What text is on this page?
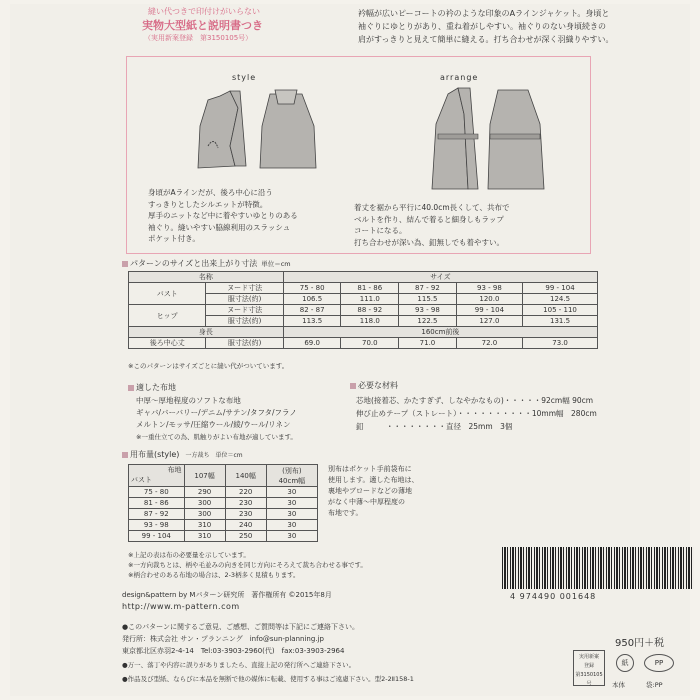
縫い代つきで印付けがいらない
実物大型紙と説明書つき
（実用新案登録　第3150105号）
衿幅が広いピーコートの衿のような印象のAラインジャケット。身頃と
袖ぐりにゆとりがあり、重ね着がしやすい。袖ぐりのない身頃続きの
肩がすっきりと見えて簡単に縫える。打ち合わせが深く羽織りやすい。
style	arrange
身頃がAラインだが、後ろ中心に沿う
すっきりとしたシルエットが特徴。
厚手のニットなど中に着やすいゆとりのある
袖ぐり。縫いやすい脇線利用のスラッシュ
ポケット付き。
着丈を裾から平行に40.0cm長くして、共布で
ベルトを作り、結んで着ると細身しもラップ
コートになる。
打ち合わせが深い為、釦無しでも着やすい。
パターンのサイズと出来上がり寸法 単位＝cm
名称		サイズ				
バスト	ヌード寸法	75 - 80	81 - 86	87 - 92	93 - 98	99 - 104
	服寸法(約)	106.5	111.0	115.5	120.0	124.5
ヒップ	ヌード寸法	82 - 87	88 - 92	93 - 98	99 - 104	105 - 110
	服寸法(約)	113.5	118.0	122.5	127.0	131.5
身長		160cm前後				
後ろ中心丈	服寸法(約)	69.0	70.0	71.0	72.0	73.0
※このパターンはサイズごとに縫い代がついています。
適した布地
中厚～厚地程度のソフトな布地
ギャバ/バーバリー/デニム/サテン/タフタ/フラノ
メルトン/モッサ/圧縮ウール/綾/ウール/リネン
※一重仕立ての為、肌触りがよい布地が適しています。
必要な材料
芯地(接着芯、かたすぎず、しなやかなもの)・・・・・92cm幅 90cm
伸び止めテープ（ストレート）・・・・・・・・・・10mm幅　280cm
釦　　　・・・・・・・・直径　25mm　3個
用布量(style) 一方裁ち　単位＝cm
布地

バスト	107幅	140幅	(別布)
40cm幅
75 - 80	290	220	30
81 - 86	300	230	30
87 - 92	300	230	30
93 - 98	310	240	30
99 - 104	310	250	30
別布はポケット手前袋布に
使用します。適した布地は、
裏地やブロードなどの薄地
がなく中薄～中厚程度の
布地です。
※上記の表は布の必要量を示しています。
※一方向裁ちとは、柄や毛並みの向きを同じ方向にそろえて裁ち合わせる事です。
※柄合わせのある布地の場合は、2-3柄多く見積もります。
design&pattern by Mパターン研究所　著作権所有 ©2015年8月
http://www.m-pattern.com
4 974490 001648
●このパターンに関するご意見、ご感想、ご質問等は下記にご連絡下さい。
発行所：株式会社 サン・プランニング　info@sun-planning.jp
東京都北区赤羽2-4-14　Tel:03-3903-2960(代)　fax:03-3903-2964
●万一、落丁や内容に誤りがありましたら、直接上記の発行所へご連絡下さい。
●作品及び型紙、ならびに本品を無断で他の媒体に転載、使用する事はご遠慮下さい。型2-2Ⅱ158-1
950円＋税
実用新案
登録
第3150105号
紙	PP
本体	袋:PP
